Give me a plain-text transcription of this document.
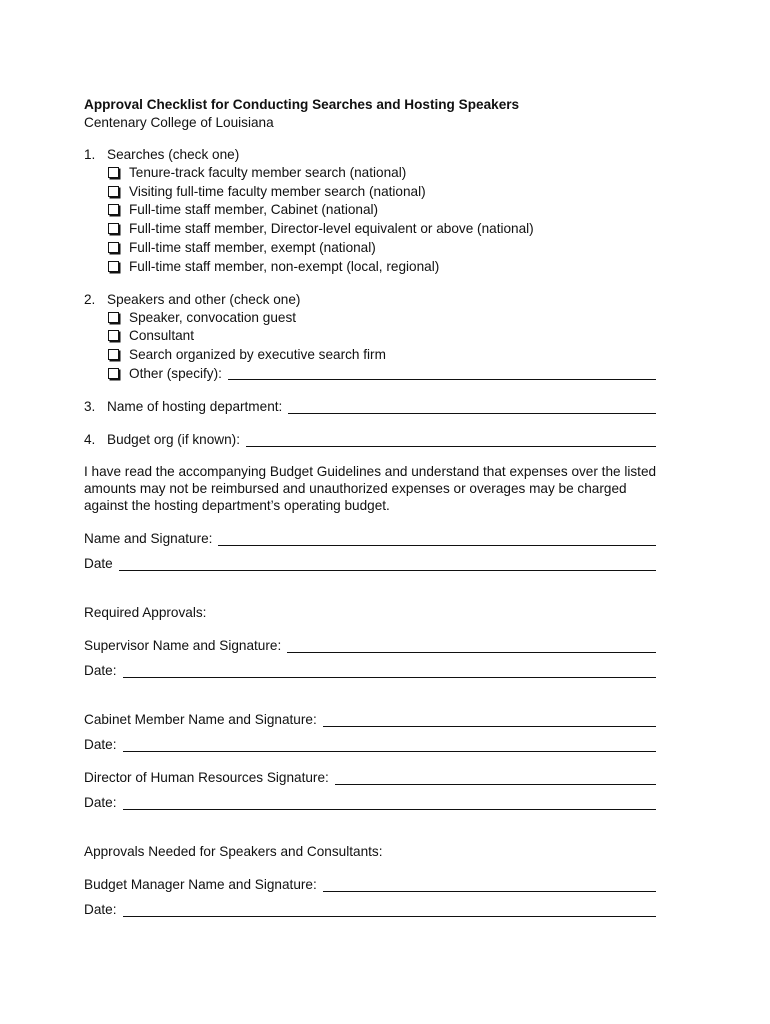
Approval Checklist for Conducting Searches and Hosting Speakers
Centenary College of Louisiana
1. Searches (check one)
Tenure-track faculty member search (national)
Visiting full-time faculty member search (national)
Full-time staff member, Cabinet (national)
Full-time staff member, Director-level equivalent or above (national)
Full-time staff member, exempt (national)
Full-time staff member, non-exempt (local, regional)
2. Speakers and other (check one)
Speaker, convocation guest
Consultant
Search organized by executive search firm
Other (specify):
3. Name of hosting department:
4. Budget org (if known):
I have read the accompanying Budget Guidelines and understand that expenses over the listed amounts may not be reimbursed and unauthorized expenses or overages may be charged against the hosting department’s operating budget.
Name and Signature:
Date
Required Approvals:
Supervisor Name and Signature:
Date:
Cabinet Member Name and Signature:
Date:
Director of Human Resources Signature:
Date:
Approvals Needed for Speakers and Consultants:
Budget Manager Name and Signature:
Date:
